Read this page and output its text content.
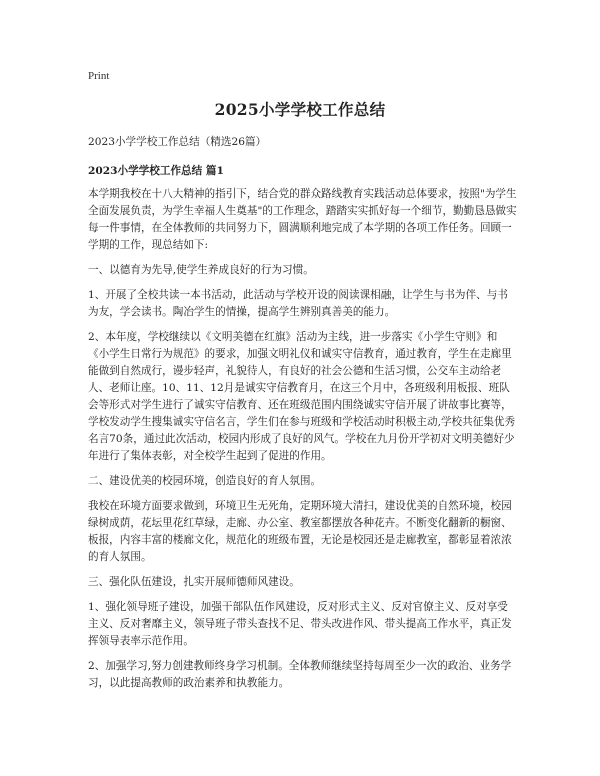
Print
2025小学学校工作总结

2023小学学校工作总结（精选26篇）

2023小学学校工作总结 篇1

本学期我校在十八大精神的指引下，结合党的群众路线教育实践活动总体要求，按照"为学生全面发展负责，为学生幸福人生奠基"的工作理念，踏踏实实抓好每一个细节，勤勤恳恳做实每一件事情，在全体教师的共同努力下，圆满顺利地完成了本学期的各项工作任务。回顾一学期的工作，现总结如下:

一、以德育为先导,使学生养成良好的行为习惯。

1、开展了全校共读一本书活动，此活动与学校开设的阅读课相融，让学生与书为伴、与书为友，学会读书。陶冶学生的情操，提高学生辨别真善美的能力。

2、本年度，学校继续以《文明美德在红旗》活动为主线，进一步落实《小学生守则》和《小学生日常行为规范》的要求，加强文明礼仪和诚实守信教育，通过教育，学生在走廊里能做到自然成行，谩步轻声，礼貌待人，有良好的社会公德和生活习惯，公交车主动给老人、老师让座。10、11、12月是诚实守信教育月，在这三个月中，各班级利用板报、班队会等形式对学生进行了诚实守信教育、还在班级范围内围绕诚实守信开展了讲故事比赛等，学校发动学生搜集诚实守信名言，学生们在参与班级和学校活动时积极主动,学校共征集优秀名言70条，通过此次活动，校园内形成了良好的风气。学校在九月份开学初对文明美德好少年进行了集体表彰，对全校学生起到了促进的作用。

二、建设优美的校园环境，创造良好的育人氛围。

我校在环境方面要求做到，环境卫生无死角，定期环境大清扫，建设优美的自然环境，校园绿树成荫，花坛里花红草绿，走廊、办公室、教室都摆放各种花卉。不断变化翻新的橱窗、板报，内容丰富的楼廊文化，规范化的班级布置，无论是校园还是走廊教室，都彰显着浓浓的育人氛围。

三、强化队伍建设，扎实开展师德师风建设。

1、强化领导班子建设，加强干部队伍作风建设，反对形式主义、反对官僚主义、反对享受主义、反对奢靡主义，领导班子带头查找不足、带头改进作风、带头提高工作水平，真正发挥领导表率示范作用。

2、加强学习,努力创建教师终身学习机制。全体教师继续坚持每周至少一次的政治、业务学习，以此提高教师的政治素养和执教能力。
